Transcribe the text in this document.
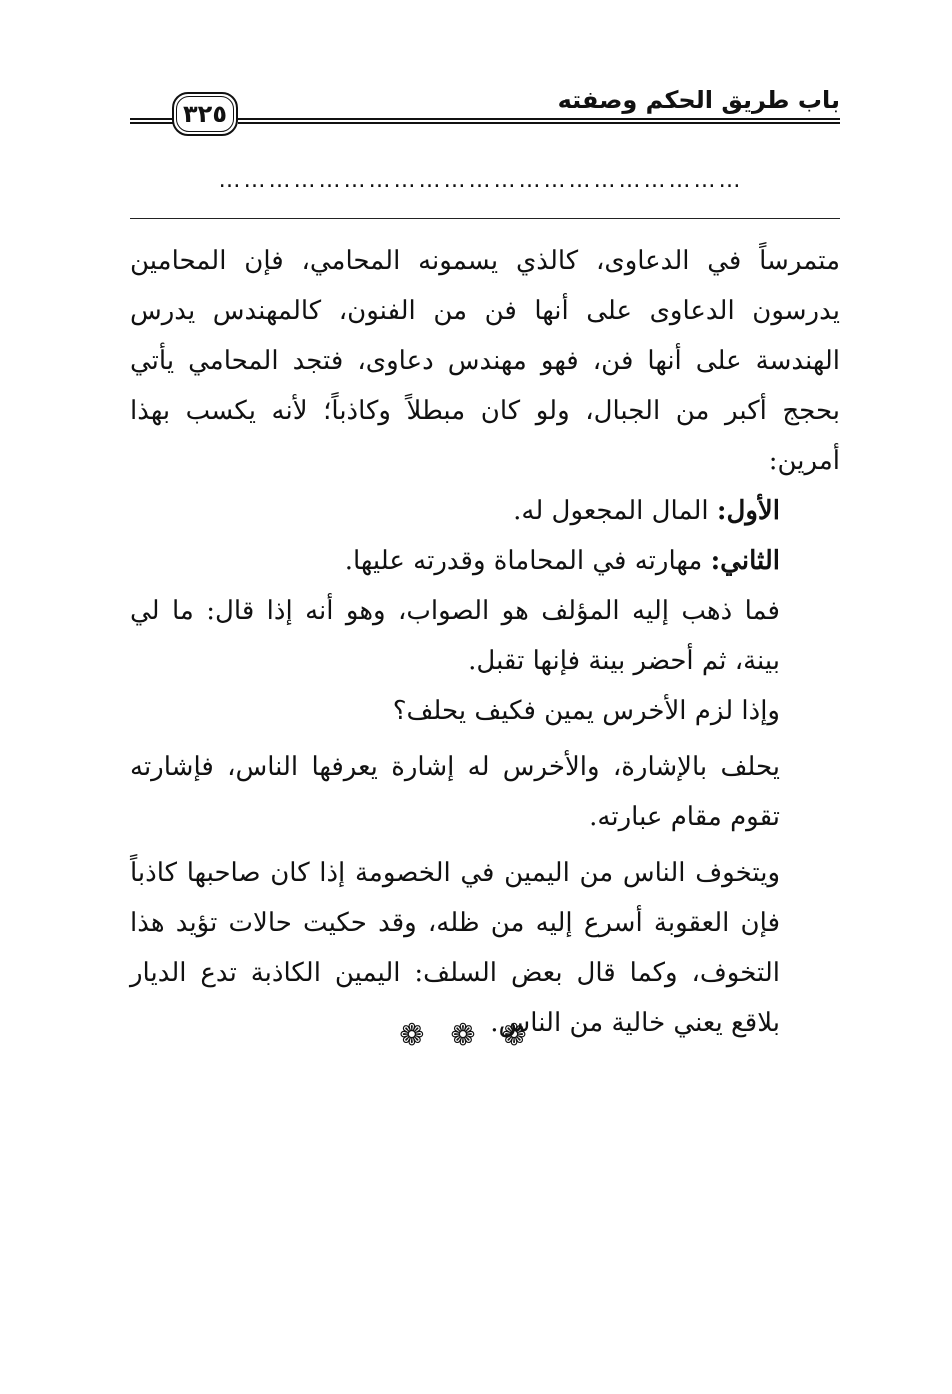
باب طريق الحكم وصفته
٣٢٥
………………………………………………………

متمرساً في الدعاوى، كالذي يسمونه المحامي، فإن المحامين يدرسون الدعاوى على أنها فن من الفنون، كالمهندس يدرس الهندسة على أنها فن، فهو مهندس دعاوى، فتجد المحامي يأتي بحجج أكبر من الجبال، ولو كان مبطلاً وكاذباً؛ لأنه يكسب بهذا أمرين:

الأول: المال المجعول له.

الثاني: مهارته في المحاماة وقدرته عليها.

فما ذهب إليه المؤلف هو الصواب، وهو أنه إذا قال: ما لي بينة، ثم أحضر بينة فإنها تقبل.

وإذا لزم الأخرس يمين فكيف يحلف؟

يحلف بالإشارة، والأخرس له إشارة يعرفها الناس، فإشارته تقوم مقام عبارته.

ويتخوف الناس من اليمين في الخصومة إذا كان صاحبها كاذباً فإن العقوبة أسرع إليه من ظله، وقد حكيت حالات تؤيد هذا التخوف، وكما قال بعض السلف: اليمين الكاذبة تدع الديار بلاقع يعني خالية من الناس.

❁❁❁
